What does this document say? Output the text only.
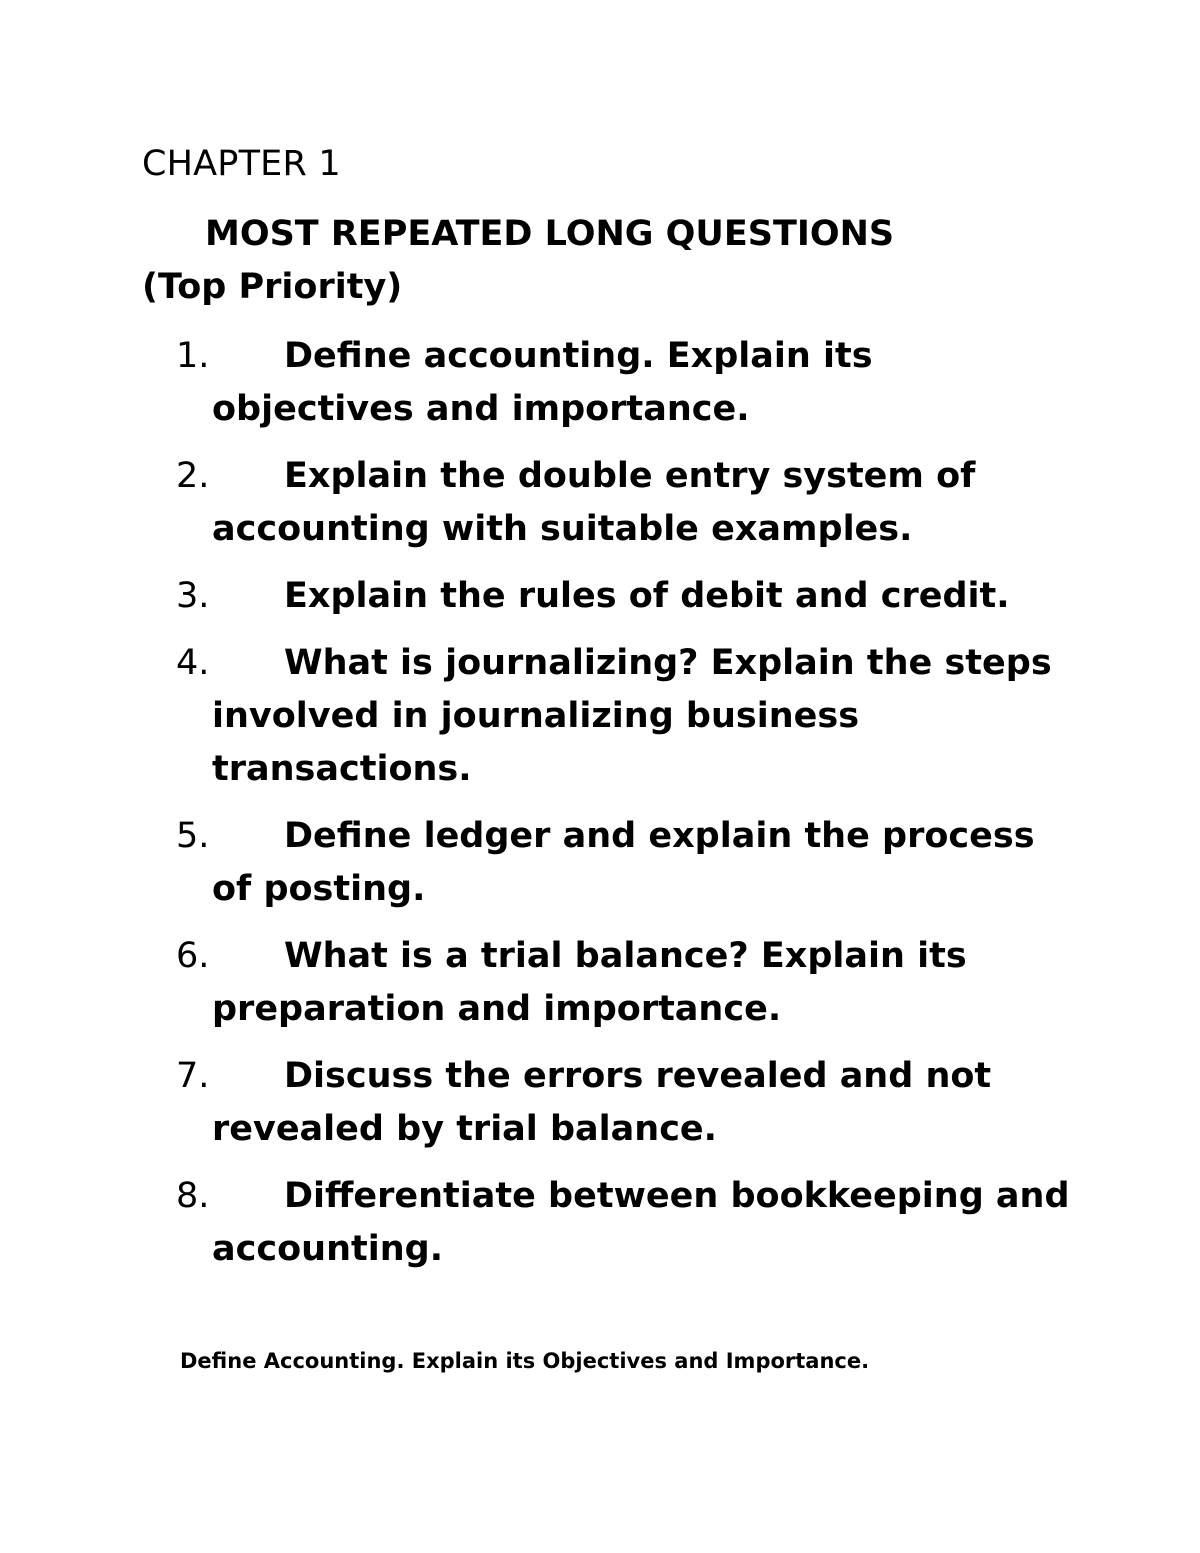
CHAPTER 1

MOST REPEATED LONG QUESTIONS
(Top Priority)
1.	Define accounting. Explain its objectives and importance.
2.	Explain the double entry system of accounting with suitable examples.
3.	Explain the rules of debit and credit.
4.	What is journalizing? Explain the steps involved in journalizing business transactions.
5.	Define ledger and explain the process of posting.
6.	What is a trial balance? Explain its preparation and importance.
7.	Discuss the errors revealed and not revealed by trial balance.
8.	Differentiate between bookkeeping and accounting.

Define Accounting. Explain its Objectives and Importance.
